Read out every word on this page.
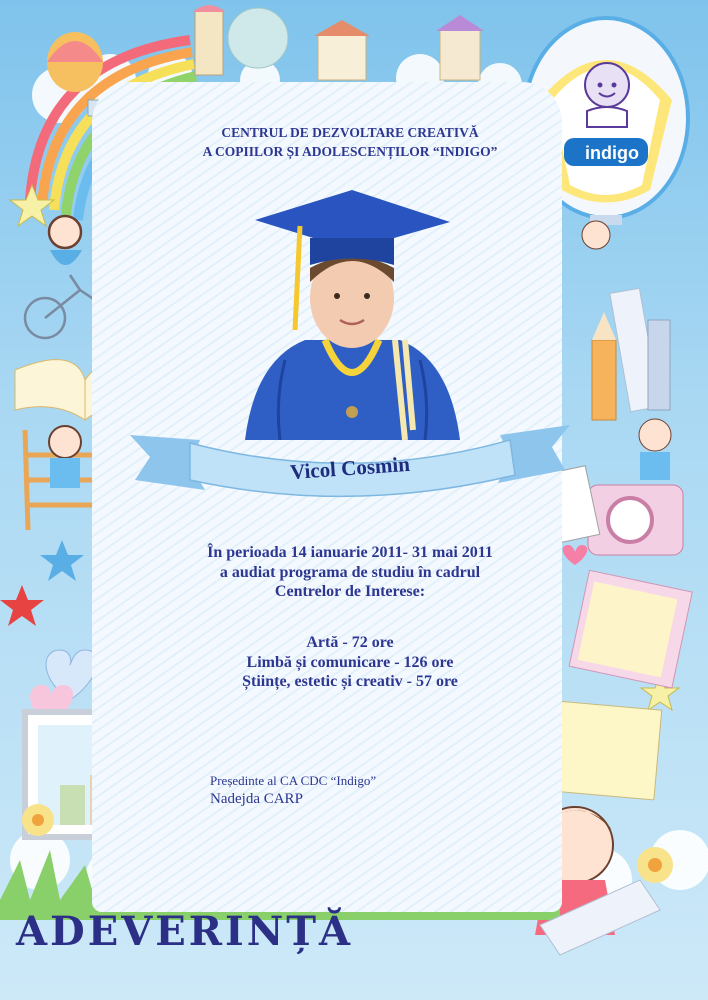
CENTRUL DE DEZVOLTARE CREATIVĂ
A COPIILOR ȘI ADOLESCENȚILOR “INDIGO”	indigo
Vicol Cosmin
În perioada 14 ianuarie 2011- 31 mai 2011
a audiat programa de studiu în cadrul
Centrelor de Interese:
Artă - 72 ore
Limbă și comunicare - 126 ore
Științe, estetic și creativ - 57 ore
Președinte al CA CDC “Indigo”
Nadejda CARP
ADEVERINȚĂ
